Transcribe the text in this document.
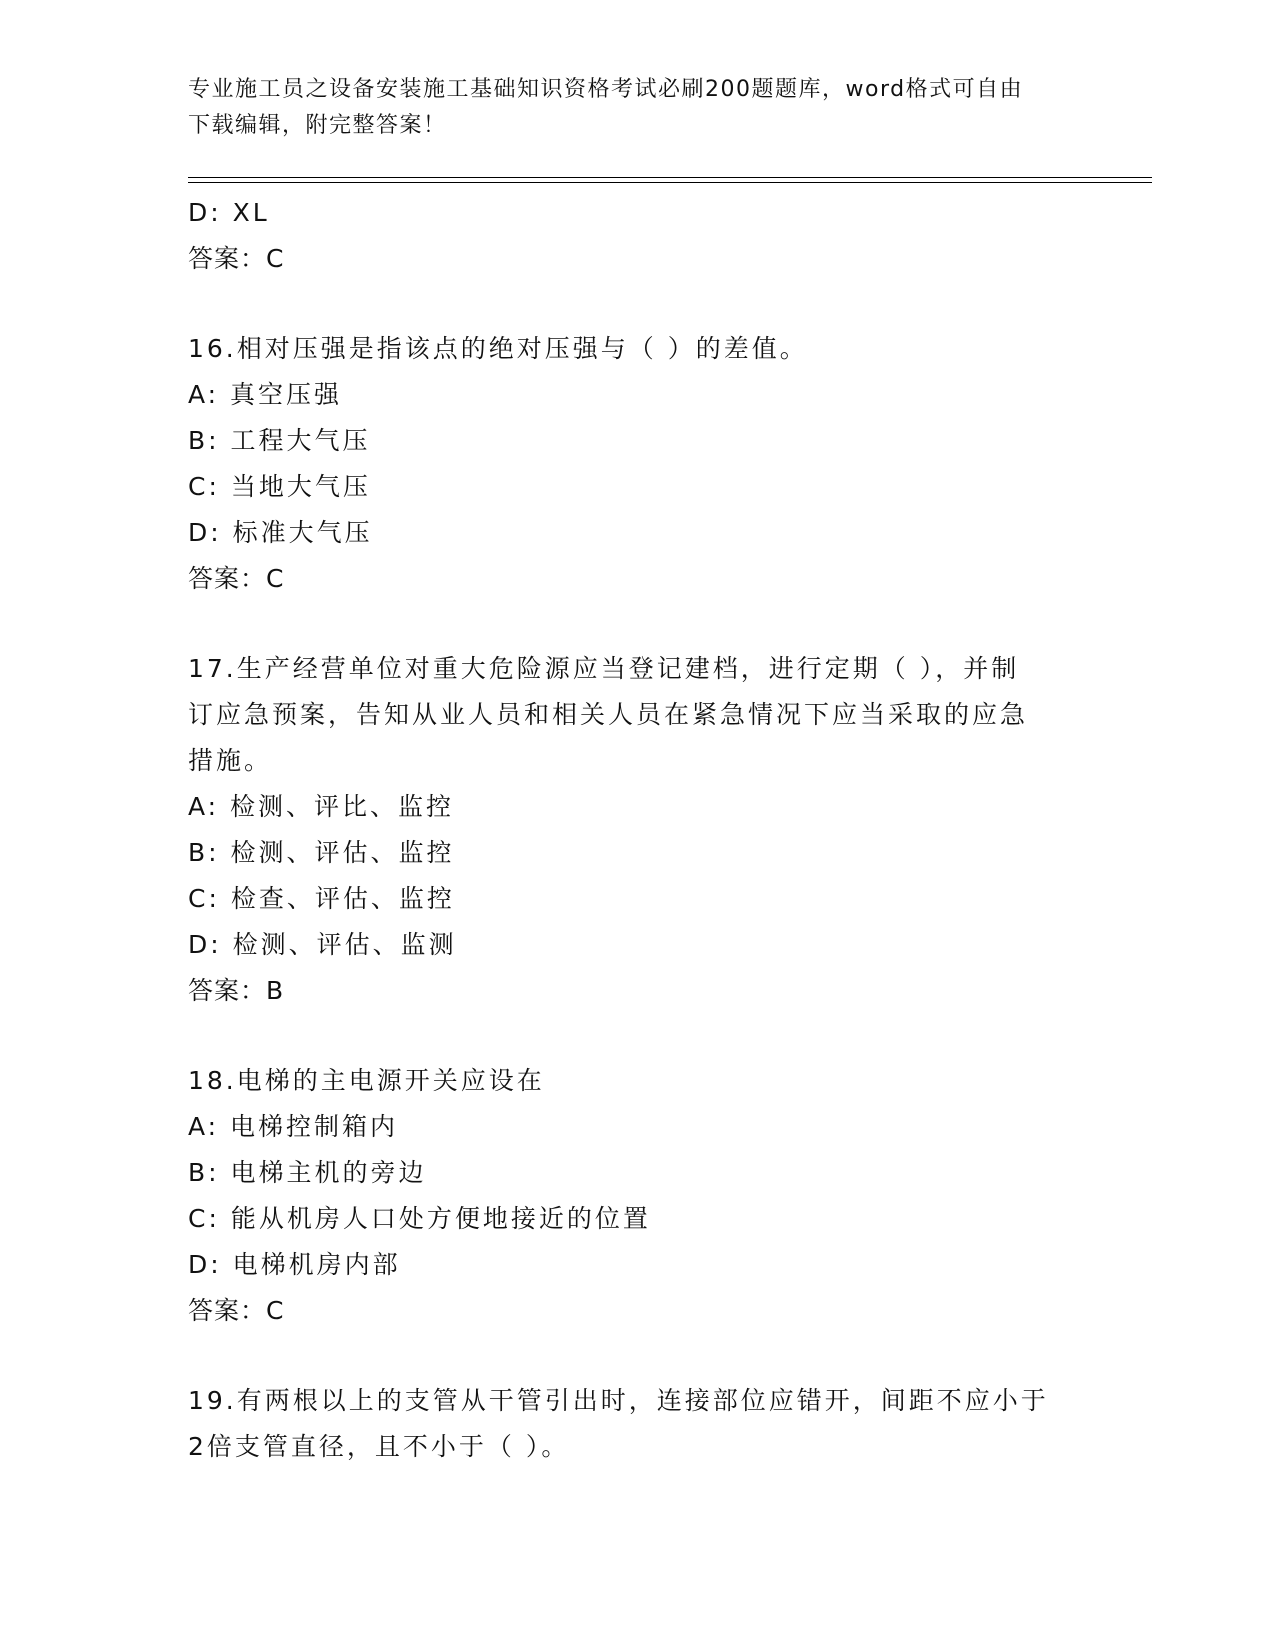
专业施工员之设备安装施工基础知识资格考试必刷200题题库，word格式可自由
下载编辑，附完整答案！
D: XL
答案：C
16.相对压强是指该点的绝对压强与（ ）的差值。
A: 真空压强
B: 工程大气压
C: 当地大气压
D: 标准大气压
答案：C
17.生产经营单位对重大危险源应当登记建档，进行定期（ ），并制
订应急预案，告知从业人员和相关人员在紧急情况下应当采取的应急
措施。
A: 检测、评比、监控
B: 检测、评估、监控
C: 检查、评估、监控
D: 检测、评估、监测
答案：B
18.电梯的主电源开关应设在
A: 电梯控制箱内
B: 电梯主机的旁边
C: 能从机房人口处方便地接近的位置
D: 电梯机房内部
答案：C
19.有两根以上的支管从干管引出时，连接部位应错开，间距不应小于
2倍支管直径，且不小于（ ）。
